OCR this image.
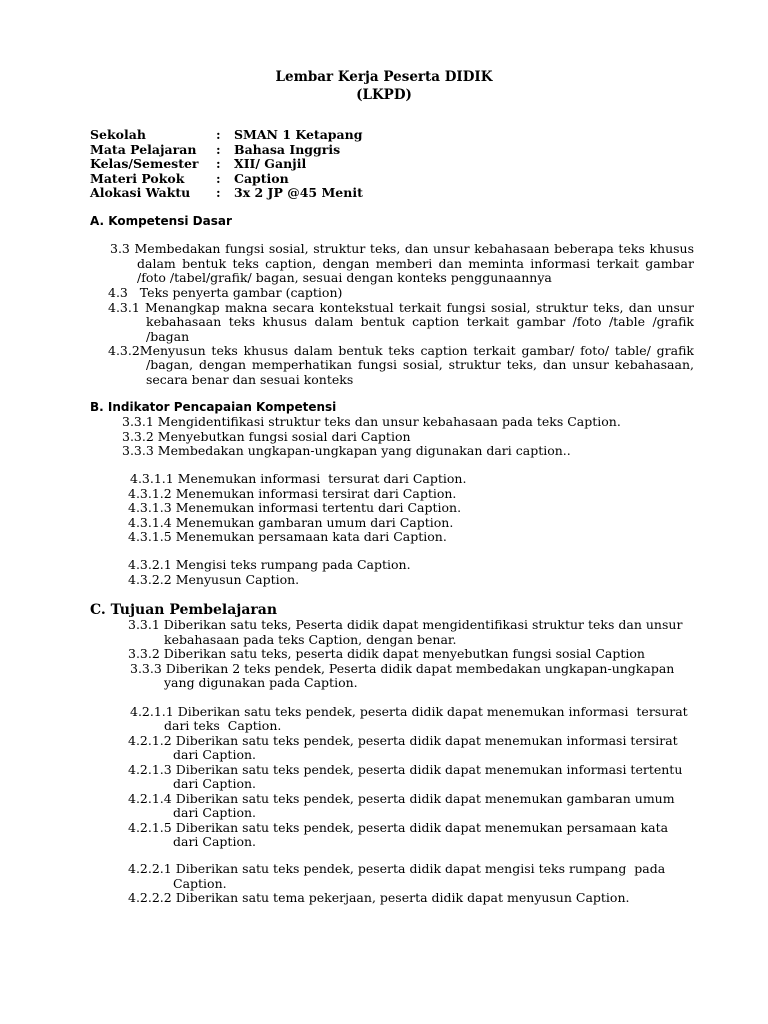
Lembar Kerja Peserta DIDIK
(LKPD)
Sekolah	: SMAN 1 Ketapang
Mata Pelajaran : Bahasa Inggris
Kelas/Semester : XII/ Ganjil
Materi Pokok	: Caption
Alokasi Waktu : 3x 2 JP @45 Menit
A. Kompetensi Dasar
3.3 Membedakan fungsi sosial, struktur teks, dan unsur kebahasaan beberapa teks khusus
dalam bentuk teks caption, dengan memberi dan meminta informasi terkait gambar
/foto /tabel/grafik/ bagan, sesuai dengan konteks penggunaannya
4.3   Teks penyerta gambar (caption)
4.3.1 Menangkap makna secara kontekstual terkait fungsi sosial, struktur teks, dan unsur
kebahasaan teks khusus dalam bentuk caption terkait gambar /foto /table /grafik
/bagan
4.3.2Menyusun teks khusus dalam bentuk teks caption terkait gambar/ foto/ table/ grafik
/bagan, dengan memperhatikan fungsi sosial, struktur teks, dan unsur kebahasaan,
secara benar dan sesuai konteks
B. Indikator Pencapaian Kompetensi
3.3.1 Mengidentifikasi struktur teks dan unsur kebahasaan pada teks Caption.
3.3.2 Menyebutkan fungsi sosial dari Caption
3.3.3 Membedakan ungkapan-ungkapan yang digunakan dari caption..
4.3.1.1 Menemukan informasi  tersurat dari Caption.
4.3.1.2 Menemukan informasi tersirat dari Caption.
4.3.1.3 Menemukan informasi tertentu dari Caption.
4.3.1.4 Menemukan gambaran umum dari Caption.
4.3.1.5 Menemukan persamaan kata dari Caption.
4.3.2.1 Mengisi teks rumpang pada Caption.
4.3.2.2 Menyusun Caption.
C. Tujuan Pembelajaran
3.3.1 Diberikan satu teks, Peserta didik dapat mengidentifikasi struktur teks dan unsur
kebahasaan pada teks Caption, dengan benar.
3.3.2 Diberikan satu teks, peserta didik dapat menyebutkan fungsi sosial Caption
3.3.3 Diberikan 2 teks pendek, Peserta didik dapat membedakan ungkapan-ungkapan
yang digunakan pada Caption.
4.2.1.1 Diberikan satu teks pendek, peserta didik dapat menemukan informasi  tersurat
dari teks  Caption.
4.2.1.2 Diberikan satu teks pendek, peserta didik dapat menemukan informasi tersirat
dari Caption.
4.2.1.3 Diberikan satu teks pendek, peserta didik dapat menemukan informasi tertentu
dari Caption.
4.2.1.4 Diberikan satu teks pendek, peserta didik dapat menemukan gambaran umum
dari Caption.
4.2.1.5 Diberikan satu teks pendek, peserta didik dapat menemukan persamaan kata
dari Caption.
4.2.2.1 Diberikan satu teks pendek, peserta didik dapat mengisi teks rumpang  pada
Caption.
4.2.2.2 Diberikan satu tema pekerjaan, peserta didik dapat menyusun Caption.
